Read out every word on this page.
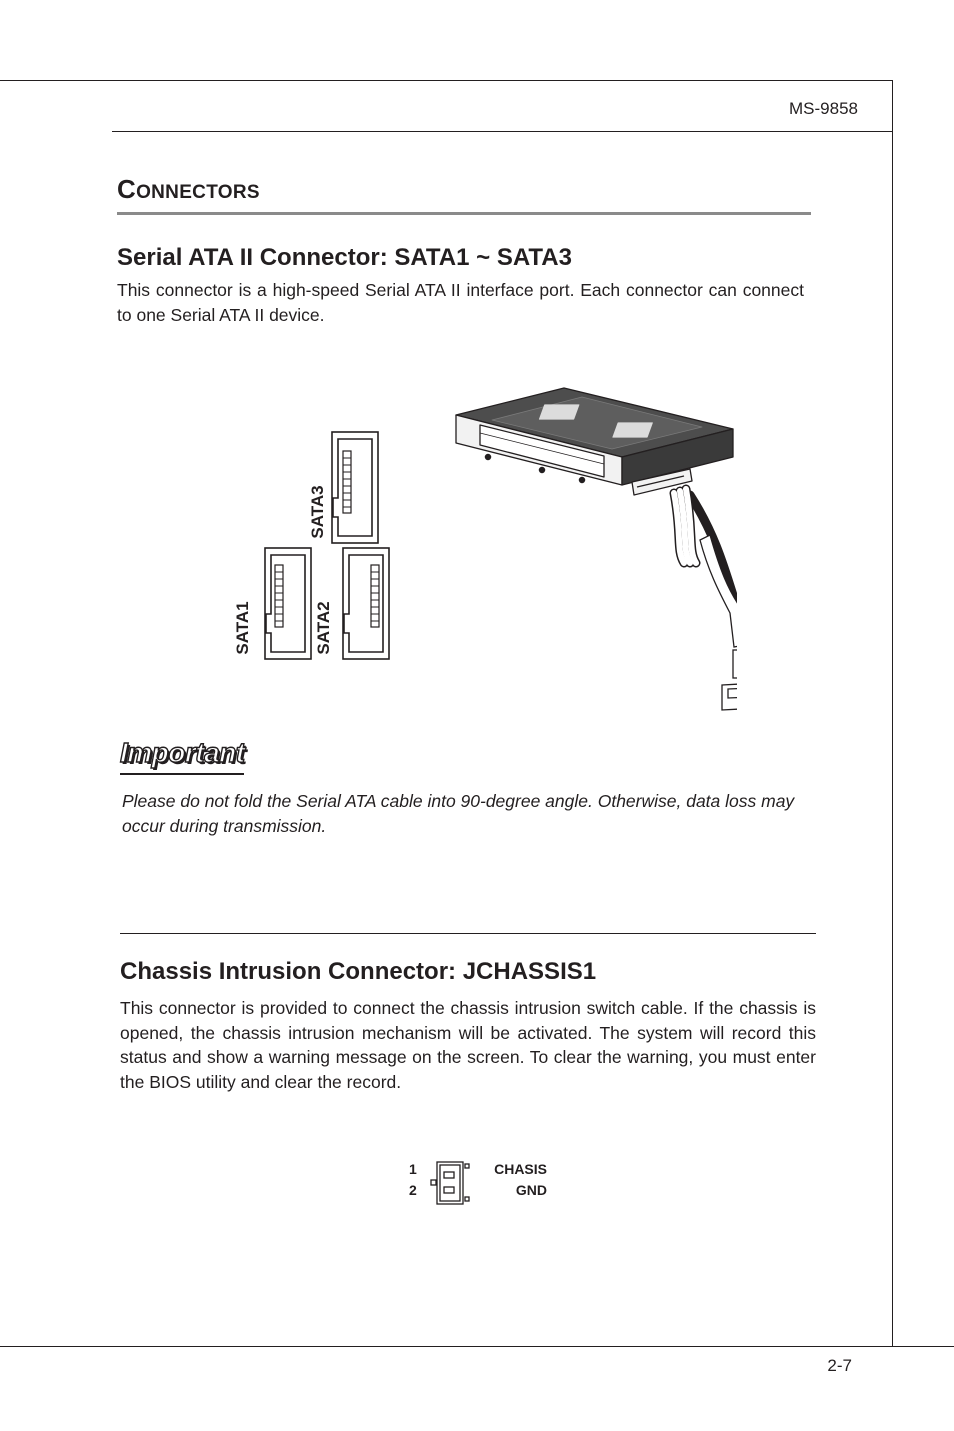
MS-9858
CONNECTORS
Serial ATA II Connector: SATA1 ~ SATA3
This connector is a high-speed Serial ATA II interface port. Each connector can connect to one Serial ATA II device.
SATA3
SATA1	SATA2
Important
Please do not fold the Serial ATA cable into 90-degree angle. Otherwise, data loss may occur during transmission.
Chassis Intrusion Connector: JCHASSIS1
This connector is provided to connect the chassis intrusion switch cable. If the chassis is opened, the chassis intrusion mechanism will be activated. The system will record this status and show a warning message on the screen. To clear the warning, you must enter the BIOS utility and clear the record.
1
2
CHASIS
GND
2-7
